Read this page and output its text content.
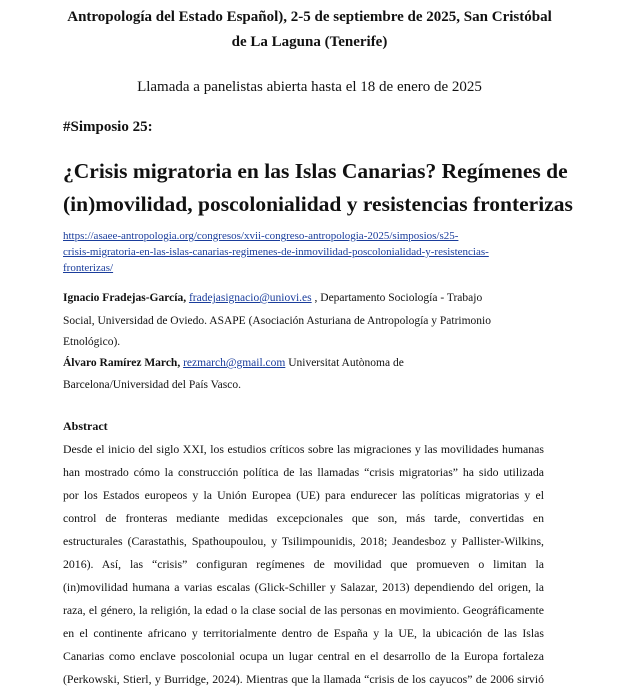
Antropología del Estado Español), 2-5 de septiembre de 2025, San Cristóbal
de La Laguna (Tenerife)
Llamada a panelistas abierta hasta el 18 de enero de 2025
#Simposio 25:
¿Crisis migratoria en las Islas Canarias? Regímenes de
(in)movilidad, poscolonialidad y resistencias fronterizas
https://asaee-antropologia.org/congresos/xvii-congreso-antropologia-2025/simposios/s25-
crisis-migratoria-en-las-islas-canarias-regimenes-de-inmovilidad-poscolonialidad-y-resistencias-
fronterizas/
Ignacio Fradejas-García, fradejasignacio@uniovi.es , Departamento Sociología - Trabajo
Social, Universidad de Oviedo. ASAPE (Asociación Asturiana de Antropología y Patrimonio
Etnológico).
Álvaro Ramírez March, rezmarch@gmail.com Universitat Autònoma de
Barcelona/Universidad del País Vasco.
Abstract
Desde el inicio del siglo XXI, los estudios críticos sobre las migraciones y las movilidades humanas
han mostrado cómo la construcción política de las llamadas “crisis migratorias” ha sido utilizada
por los Estados europeos y la Unión Europea (UE) para endurecer las políticas migratorias y el
control de fronteras mediante medidas excepcionales que son, más tarde, convertidas en
estructurales (Carastathis, Spathoupoulou, y Tsilimpounidis, 2018; Jeandesboz y Pallister-Wilkins,
2016). Así, las “crisis” configuran regímenes de movilidad que promueven o limitan la
(in)movilidad humana a varias escalas (Glick-Schiller y Salazar, 2013) dependiendo del origen, la
raza, el género, la religión, la edad o la clase social de las personas en movimiento. Geográficamente
en el continente africano y territorialmente dentro de España y la UE, la ubicación de las Islas
Canarias como enclave poscolonial ocupa un lugar central en el desarrollo de la Europa fortaleza
(Perkowski, Stierl, y Burridge, 2024). Mientras que la llamada “crisis de los cayucos” de 2006 sirvió
